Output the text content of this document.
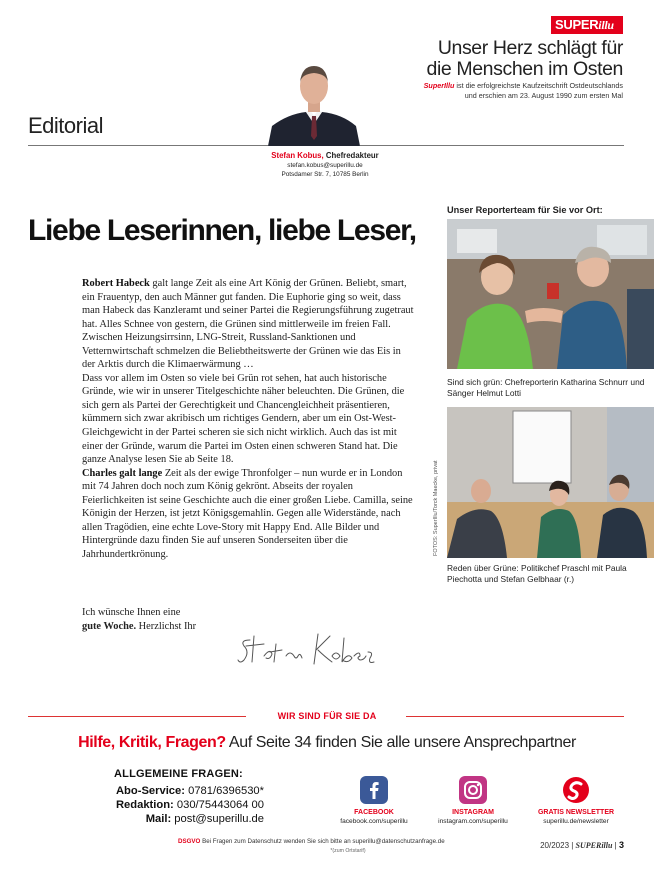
SUPERillu
Unser Herz schlägt für
die Menschen im Osten
SuperIllu ist die erfolgreichste Kaufzeitschrift Ostdeutschlands
und erschien am 23. August 1990 zum ersten Mal
Editorial
Stefan Kobus, Chefredakteur
stefan.kobus@superillu.de
Potsdamer Str. 7, 10785 Berlin
Liebe Leserinnen, liebe Leser,

Robert Habeck galt lange Zeit als eine Art König der Grünen. Beliebt, smart, ein Frauentyp, den auch Männer gut fanden. Die Euphorie ging so weit, dass man Habeck das Kanzleramt und seiner Partei die Regierungsführung zugetraut hat. Alles Schnee von gestern, die Grünen sind mittlerweile im freien Fall. Zwischen Heizungsirrsinn, LNG-Streit, Russland-Sanktionen und Vetternwirtschaft schmelzen die Beliebtheitswerte der Grünen wie das Eis in der Arktis durch die Klimaerwärmung …

Dass vor allem im Osten so viele bei Grün rot sehen, hat auch historische Gründe, wie wir in unserer Titelgeschichte näher beleuchten. Die Grünen, die sich gern als Partei der Gerechtigkeit und Chancengleichheit präsentieren, kümmern sich zwar akribisch um richtiges Gendern, aber um ein Ost-West-Gleichgewicht in der Partei scheren sie sich nicht wirklich. Auch das ist mit einer der Gründe, warum die Partei im Osten einen schweren Stand hat. Die ganze Analyse lesen Sie ab Seite 18.

Charles galt lange Zeit als der ewige Thronfolger – nun wurde er in London mit 74 Jahren doch noch zum König gekrönt. Abseits der royalen Feierlichkeiten ist seine Geschichte auch die einer großen Liebe. Camilla, seine Königin der Herzen, ist jetzt Königsgemahlin. Gegen alle Widerstände, nach allen Tragödien, eine echte Love-Story mit Happy End. Alle Bilder und Hintergründe dazu finden Sie auf unseren Sonderseiten über die Jahrhundertkrönung.

Ich wünsche Ihnen eine
gute Woche. Herzlichst Ihr
Unser Reporterteam für Sie vor Ort:
Sind sich grün: Chefreporterin Katharina Schnurr und Sänger Helmut Lotti
Reden über Grüne: Politikchef Praschl mit Paula Piechotta und Stefan Gelbhaar (r.)
FOTOS: SuperIllu/Torck Maecke, privat
WIR SIND FÜR SIE DA
Hilfe, Kritik, Fragen? Auf Seite 34 finden Sie alle unsere Ansprechpartner
ALLGEMEINE FRAGEN:
Abo-Service: 0781/6396530*
Redaktion: 030/75443064 00
Mail: post@superillu.de
FACEBOOK
facebook.com/superillu
INSTAGRAM
instagram.com/superillu
GRATIS NEWSLETTER
superillu.de/newsletter
DSGVO Bei Fragen zum Datenschutz wenden Sie sich bitte an superillu@datenschutzanfrage.de
*(zum Ortstarif)
20/2023 | SUPERillu | 3
